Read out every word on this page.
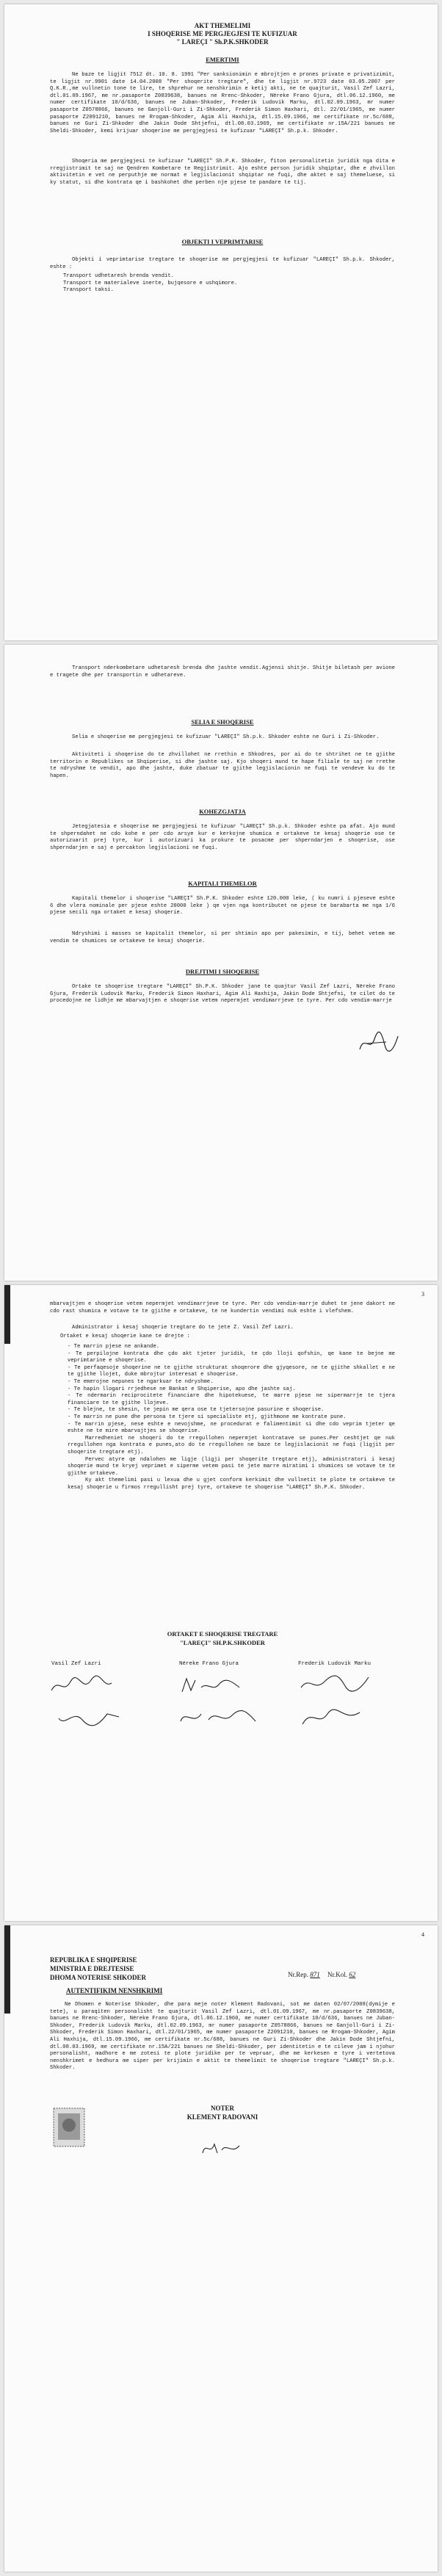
AKT THEMELIMI
I SHOQERISE ME PERGJEGJESI TE KUFIZUAR
" LAREÇI " Sh.P.K.SHKODER
EMERTIMI
Ne baze te ligjit 7512 dt. 10. 8. 1991 "Per sanksionimin e mbrojtjen e prones private e privatizimit, te ligjit nr.9901 date 14.04.2008 "Per shoqerite tregtare", dhe te ligjit nr.9723 date 03.05.2007 per Q.K.R.,me vullnetin tone te lire, te shprehur ne nenshkrimin e ketij akti, ne te quajturit, Vasil Zef Lazri, dtl.01.09.1967, me nr.pasaporte Z0839638, banues ne Rrenc-Shkoder, Nëreke Frano Gjura, dtl.06.12.1960, me numer certifikate 10/d/636, banues ne Juban-Shkoder, Frederik Ludovik Marku, dtl.02.09.1963, mr numer pasaporte Z0578866, banues ne Ganjoll-Guri i Zi-Shkoder, Frederik Simon Haxhari, dtl. 22/01/1965, me numer pasaporte Z2091210, banues ne Rrogam-Shkoder, Agim Ali Haxhija, dtl.15.09.1966, me certifikate nr.5c/688, banues ne Guri Zi-Shkoder dhe Jakin Dode Shtjefni, dtl.08.03.1969, me certifikate nr.15A/221 banues ne Sheldi-Shkoder, kemi krijuar shoqerine me pergjegjesi te kufizuar "LAREÇI" Sh.p.k. Shkoder.
Shoqeria me pergjegjesi te kufizuar "LAREÇI" Sh.P.K. Shkoder, fiton personalitetin juridik nga dita e rregjistrimit te saj ne Qendren Kombetare te Regjistrimit. Ajo eshte person juridik shqiptar, dhe e zhvillon aktivitetin e vet ne perputhje me normat e legjislacionit shqiptar ne fuqi, dhe aktet e saj themeluese, si ky statut, si dhe kontrata qe i bashkohet dhe perben nje pjese te pandare te tij.
OBJEKTI I VEPRIMTARISE
Objekti i veprimtarise tregtare te shoqerise me pergjegjesi te kufizuar "LAREÇI" Sh.p.k. Shkoder, eshte :
Transport udhetaresh brenda vendit.
Transport te materialeve inerte, bujqesore e ushqimore.
Transport taksi.
Transport nderkombetare udhetaresh brenda dhe jashte vendit.Agjensi shitje. Shitje biletash per avione e tragete dhe per transportin e udhetareve.
SELIA E SHOQERISE
Selia e shoqerise me pergjegjesi te kufizuar "LAREÇI" Sh.p.k. Shkoder eshte ne Guri i Zi-Shkoder.
Aktiviteti i shoqerise do te zhvillohet ne rrethin e Shkodres, por ai do te shtrihet ne te gjithe territorin e Republikes se Shqiperise, si dhe jashte saj. Kjo shoqeri mund te hape filiale te saj ne rrethe te ndryshme te vendit, apo dhe jashte, duke zbatuar te gjithe legjislacionin ne fuqi te vendeve ku do te hapen.
KOHEZGJATJA
Jetegjatesia e shoqerise me pergjegjesi te kufizuar "LAREÇI" Sh.p.k. Shkoder eshte pa afat. Ajo mund te shperndahet ne cdo kohe e per cdo arsye kur e kerkojne shumica e ortakeve te kesaj shoqerie ose te autorizuarit prej tyre, kur i autorizuari ka prokure te posacme per shperndarjen e shoqerise, ose shperndarjen e saj e percakton legjislacioni ne fuqi.
KAPITALI THEMELOR
Kapitali themelor i shoqerise "LAREÇI" Sh.P.K. Shkoder eshte 120.000 leke, ( ku numri i pjeseve eshte 6 dhe vlera nominale per pjese eshte 20000 leke ) qe vjen nga kontributet ne pjese te barabarta me nga 1/6 pjese secili nga ortaket e kesaj shoqerie.
Ndryshimi i masses se kapitalit themelor, si per shtimin apo per pakesimin, e tij, behet vetem me vendim te shumices se ortakeve te kesaj shoqerie.
DREJTIMI I SHOQERISE
Ortake te shoqerise tregtare "LAREÇI" Sh.P.K. Shkoder jane te quajtur Vasil Zef Lazri, Nëreke Frano Gjura, Frederik Ludovik Marku, Frederik Simon Haxhari, Agim Ali Haxhija, Jakin Dode Shtjefni, te cilet do te procedojne ne lidhje me mbarvajtjen e shoqerise vetem nepermjet vendimarrjeve te tyre. Per cdo vendim-marrje
3
mbarvajtjen e shoqerise vetem nepermjet vendimarrjeve te tyre. Per cdo vendim-marrje duhet te jene dakort ne cdo rast shumica e votave te te gjithe e ortakeve, te ne kundertin vendimi nuk eshte i vlefshem.
Administrator i kesaj shoqerie tregtare do te jete Z. Vasil Zef Lazri.
Ortaket e kesaj shoqerie kane te drejte :
- Te marrin pjese ne ankande.
- Te perpilojne kontrata dhe çdo akt tjeter juridik, te çdo lloji qofshin, qe kane te bejne me veprimtarine e shoqerise.
- Te perfaqesoje shoqerine ne te gjithe strukturat shoqerore dhe gjyqesore, ne te gjithe shkallet e ne te gjithe llojet, duke mbrojtur interesat e shoqerise.
- Te emerojne nepunes te ngarkuar te ndryshme.
- Te hapin llogari rrjedhese ne Bankat e Shqiperise, apo dhe jashte saj.
- Te ndermarin reciprocitete financiare dhe hipotekuese, te marre pjese ne sipermarrje te tjera financiare te te gjithe llojeve.
- Te blejne, te shesin, te jepin me qera ose te tjetersojne pasurine e shoqerise.
- Te marrin ne pune dhe persona te tjere si specialiste etj, gjithmone me kontrate pune.
- Te marrin pjese, nese eshte e nevojshme, ne procedurat e falimentimit si dhe cdo veprim tjeter qe eshte ne te mire mbarvajtjes se shoqerise.
Marredheniet ne shoqeri do te rregullohen nepermjet kontratave se punes.Per ceshtjet qe nuk rregullohen nga kontrata e punes,ato do te rregullohen ne baze te legjislacionit ne fuqi (ligjit per shoqerite tregtare etj).
Pervec atyre qe ndalohen me ligje (ligji per shoqerite tregtare etj), administratori i kesaj shoqerie mund te kryej veprimet e siperme vetem pasi te jete marre miratimi i shumices se votave te te gjithe ortakeve.
Ky akt themelimi pasi u lexua dhe u gjet conform kerkimit dhe vullnetit te plote te ortakeve te kesaj shoqerie u firmos rregullisht prej tyre, ortakeve te shoqerise "LAREÇI" Sh.P.K. Shkoder.
ORTAKET E SHOQERISE TREGTARE
"LAREÇI" SH.P.K.SHKODER
Vasil Zef Lazri	Nëreke Frano Gjura	Frederik Ludovik Marku
4
REPUBLIKA E SHQIPERISE
MINISTRIA E DREJTESISE
DHOMA NOTERISE SHKODER	Nr.Rep. 871 Nr.Kol. 62
AUTENTIFIKIM NENSHKRIMI
Ne Dhomen e Noterise Shkoder, dhe para meje noter Klement Radovani, sot me daten 02/07/2008(dymije e tete), u paraqiten personalisht te quajturit Vasil Zef Lazri, dtl.01.09.1967, me nr.pasaporte Z0839638, banues ne Rrenc-Shkoder, Nëreke Frano Gjura, dtl.06.12.1960, me numer certifikate 10/d/636, banues ne Juban-Shkoder, Frederik Ludovik Marku, dtl.02.09.1963, mr numer pasaporte Z0578866, banues ne Ganjoll-Guri i Zi-Shkoder, Frederik Simon Haxhari, dtl.22/01/1965, me numer pasaporte Z2091210, banues ne Rrogam-Shkoder, Agim Ali Haxhija, dtl.15.09.1966, me certifikate nr.5c/688, banues ne Guri Zi-Shkoder dhe Jakin Dode Shtjefni, dtl.08.03.1969, me certifikate nr.15A/221 banues ne Sheldi-Shkoder, per identitetin e te cileve jam i njohur personalisht, madhore e me zotesi te plote juridike per te vepruar, dhe me kerkesen e tyre i vertetova nenshkrimet e hedhura me siper per krijimin e aktit te themelimit te shoqerise tregtare "LAREÇI" Sh.p.k. Shkoder.
NOTER
KLEMENT RADOVANI
